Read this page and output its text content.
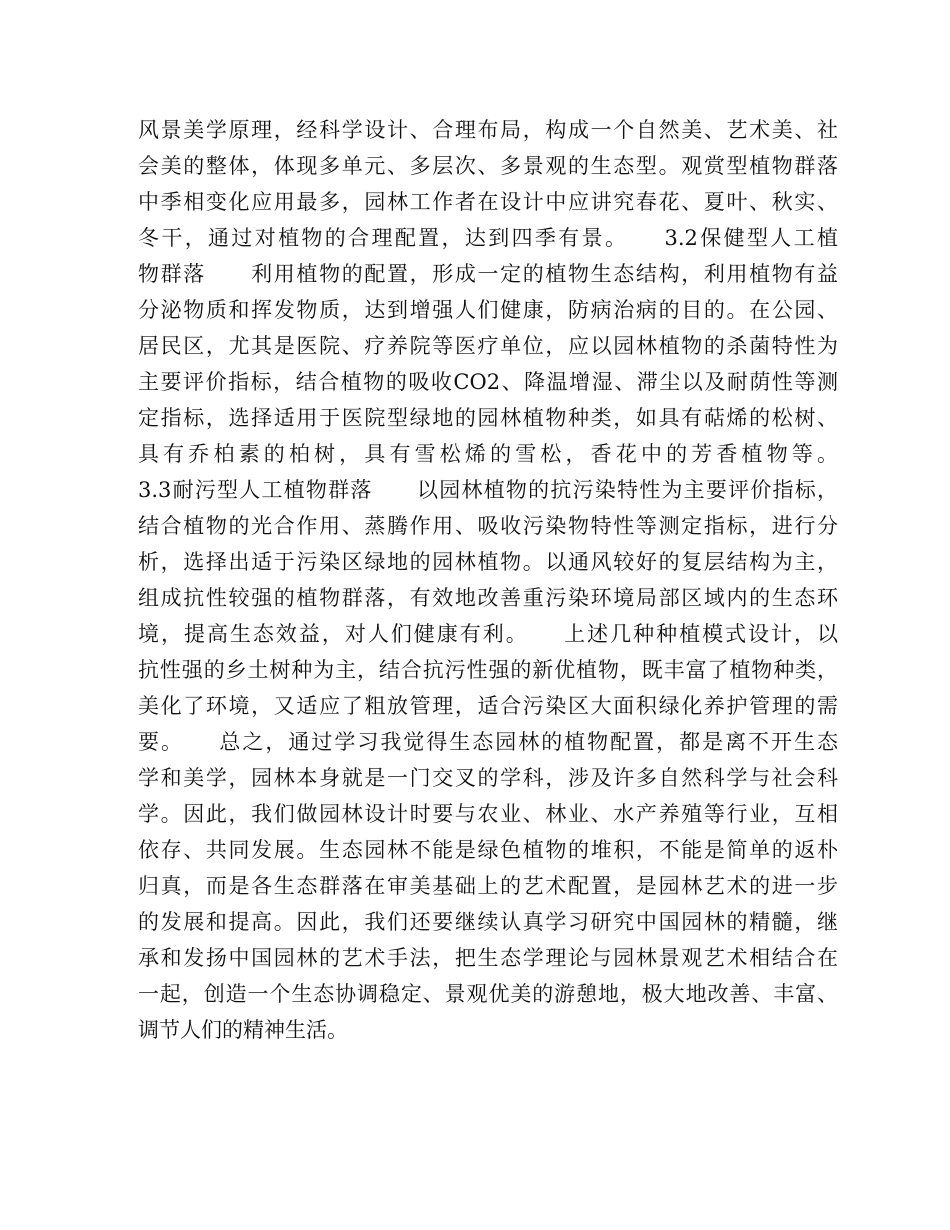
风景美学原理，经科学设计、合理布局，构成一个自然美、艺术美、社
会美的整体，体现多单元、多层次、多景观的生态型。观赏型植物群落
中季相变化应用最多，园林工作者在设计中应讲究春花、夏叶、秋实、
冬干，通过对植物的合理配置，达到四季有景。　　3.2保健型人工植
物群落　　利用植物的配置，形成一定的植物生态结构，利用植物有益
分泌物质和挥发物质，达到增强人们健康，防病治病的目的。在公园、
居民区，尤其是医院、疗养院等医疗单位，应以园林植物的杀菌特性为
主要评价指标，结合植物的吸收CO2、降温增湿、滞尘以及耐荫性等测
定指标，选择适用于医院型绿地的园林植物种类，如具有萜烯的松树、
具有乔柏素的柏树，具有雪松烯的雪松，香花中的芳香植物等。
3.3耐污型人工植物群落　　以园林植物的抗污染特性为主要评价指标，
结合植物的光合作用、蒸腾作用、吸收污染物特性等测定指标，进行分
析，选择出适于污染区绿地的园林植物。以通风较好的复层结构为主，
组成抗性较强的植物群落，有效地改善重污染环境局部区域内的生态环
境，提高生态效益，对人们健康有利。　　上述几种种植模式设计，以
抗性强的乡土树种为主，结合抗污性强的新优植物，既丰富了植物种类，
美化了环境，又适应了粗放管理，适合污染区大面积绿化养护管理的需
要。　　总之，通过学习我觉得生态园林的植物配置，都是离不开生态
学和美学，园林本身就是一门交叉的学科，涉及许多自然科学与社会科
学。因此，我们做园林设计时要与农业、林业、水产养殖等行业，互相
依存、共同发展。生态园林不能是绿色植物的堆积，不能是简单的返朴
归真，而是各生态群落在审美基础上的艺术配置，是园林艺术的进一步
的发展和提高。因此，我们还要继续认真学习研究中国园林的精髓，继
承和发扬中国园林的艺术手法，把生态学理论与园林景观艺术相结合在
一起，创造一个生态协调稳定、景观优美的游憩地，极大地改善、丰富、
调节人们的精神生活。
